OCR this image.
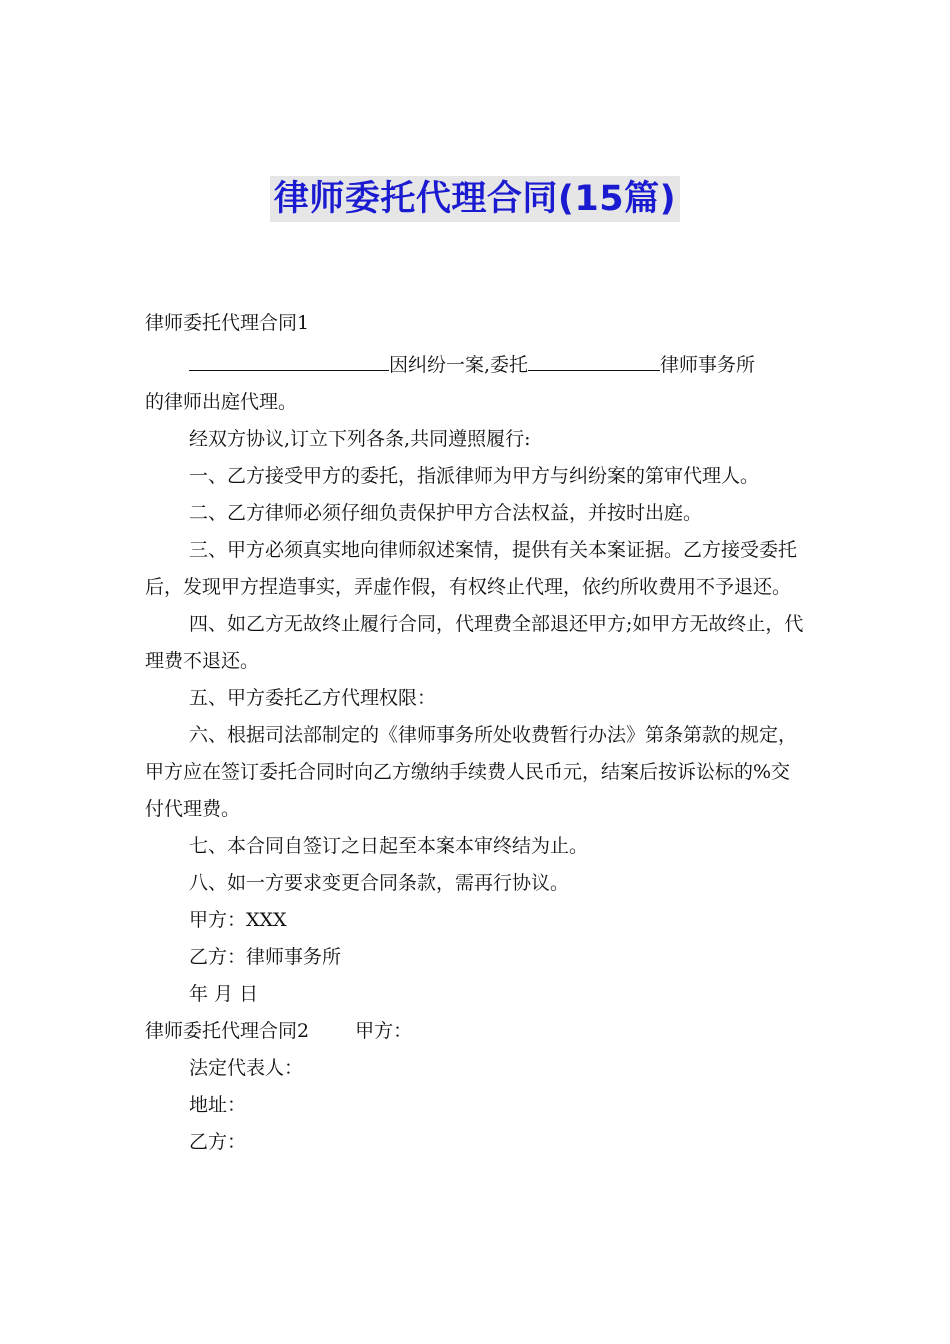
律师委托代理合同(15篇)

律师委托代理合同1

因纠纷一案,委托	律师事务所

的律师出庭代理。

经双方协议,订立下列各条,共同遵照履行:

一、乙方接受甲方的委托，指派律师为甲方与纠纷案的第审代理人。

二、乙方律师必须仔细负责保护甲方合法权益，并按时出庭。

三、甲方必须真实地向律师叙述案情，提供有关本案证据。乙方接受委托后，发现甲方捏造事实，弄虚作假，有权终止代理，依约所收费用不予退还。

四、如乙方无故终止履行合同，代理费全部退还甲方;如甲方无故终止，代理费不退还。

五、甲方委托乙方代理权限：

六、根据司法部制定的《律师事务所处收费暂行办法》第条第款的规定，甲方应在签订委托合同时向乙方缴纳手续费人民币元，结案后按诉讼标的%交付代理费。

七、本合同自签订之日起至本案本审终结为止。

八、如一方要求变更合同条款，需再行协议。

甲方：XXX

乙方：律师事务所

年 月 日

律师委托代理合同2 甲方：

法定代表人：

地址：

乙方：
